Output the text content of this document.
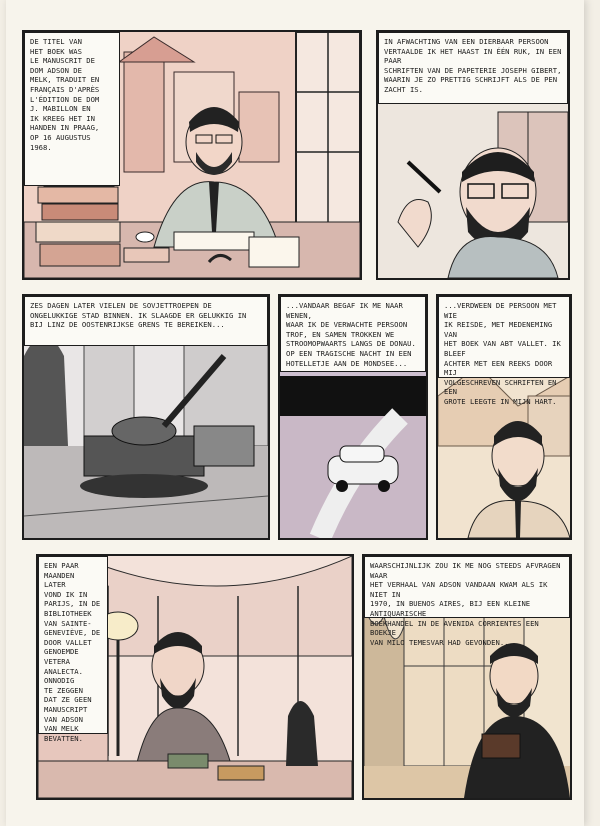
DE TITEL VAN
HET BOEK WAS
LE MANUSCRIT DE
DOM ADSON DE
MELK, TRADUIT EN
FRANÇAIS D'APRÈS
L'ÉDITION DE DOM
J. MABILLON EN
IK KREEG HET IN
HANDEN IN PRAAG,
OP 16 AUGUSTUS 1968.
IN AFWACHTING VAN EEN DIERBAAR PERSOON
VERTAALDE IK HET HAAST IN ÉÉN RUK, IN EEN PAAR
SCHRIFTEN VAN DE PAPETERIE JOSEPH GIBERT,
WAARIN JE ZO PRETTIG SCHRIJFT ALS DE PEN
ZACHT IS.
ZES DAGEN LATER VIELEN DE SOVJETTROEPEN DE
ONGELUKKIGE STAD BINNEN. IK SLAAGDE ER GELUKKIG IN
BIJ LINZ DE OOSTENRIJKSE GRENS TE BEREIKEN...
...VANDAAR BEGAF IK ME NAAR WENEN,
WAAR IK DE VERWACHTE PERSOON
TROF, EN SAMEN TROKKEN WE
STROOMOPWAARTS LANGS DE DONAU.
OP EEN TRAGISCHE NACHT IN EEN
HOTELLETJE AAN DE MONDSEE...
...VERDWEEN DE PERSOON MET WIE
IK REISDE, MET MEDENEMING VAN
HET BOEK VAN ABT VALLET. IK BLEEF
ACHTER MET EEN REEKS DOOR MIJ
VOLGESCHREVEN SCHRIFTEN EN EEN
GROTE LEEGTE IN MIJN HART.
EEN PAAR
MAANDEN
LATER
VOND IK IN
PARIJS, IN DE
BIBLIOTHEEK
VAN SAINTE-
GENEVIÈVE, DE
DOOR VALLET
GENOEMDE
VETERA
ANALECTA.
ONNODIG
TE ZEGGEN
DAT ZE GEEN
MANUSCRIPT
VAN ADSON
VAN MELK
BEVATTEN.
WAARSCHIJNLIJK ZOU IK ME NOG STEEDS AFVRAGEN WAAR
HET VERHAAL VAN ADSON VANDAAN KWAM ALS IK NIET IN
1970, IN BUENOS AIRES, BIJ EEN KLEINE ANTIQUARISCHE
BOEKHANDEL IN DE AVENIDA CORRIENTES EEN BOEKJE
VAN MILO TEMESVAR HAD GEVONDEN...
